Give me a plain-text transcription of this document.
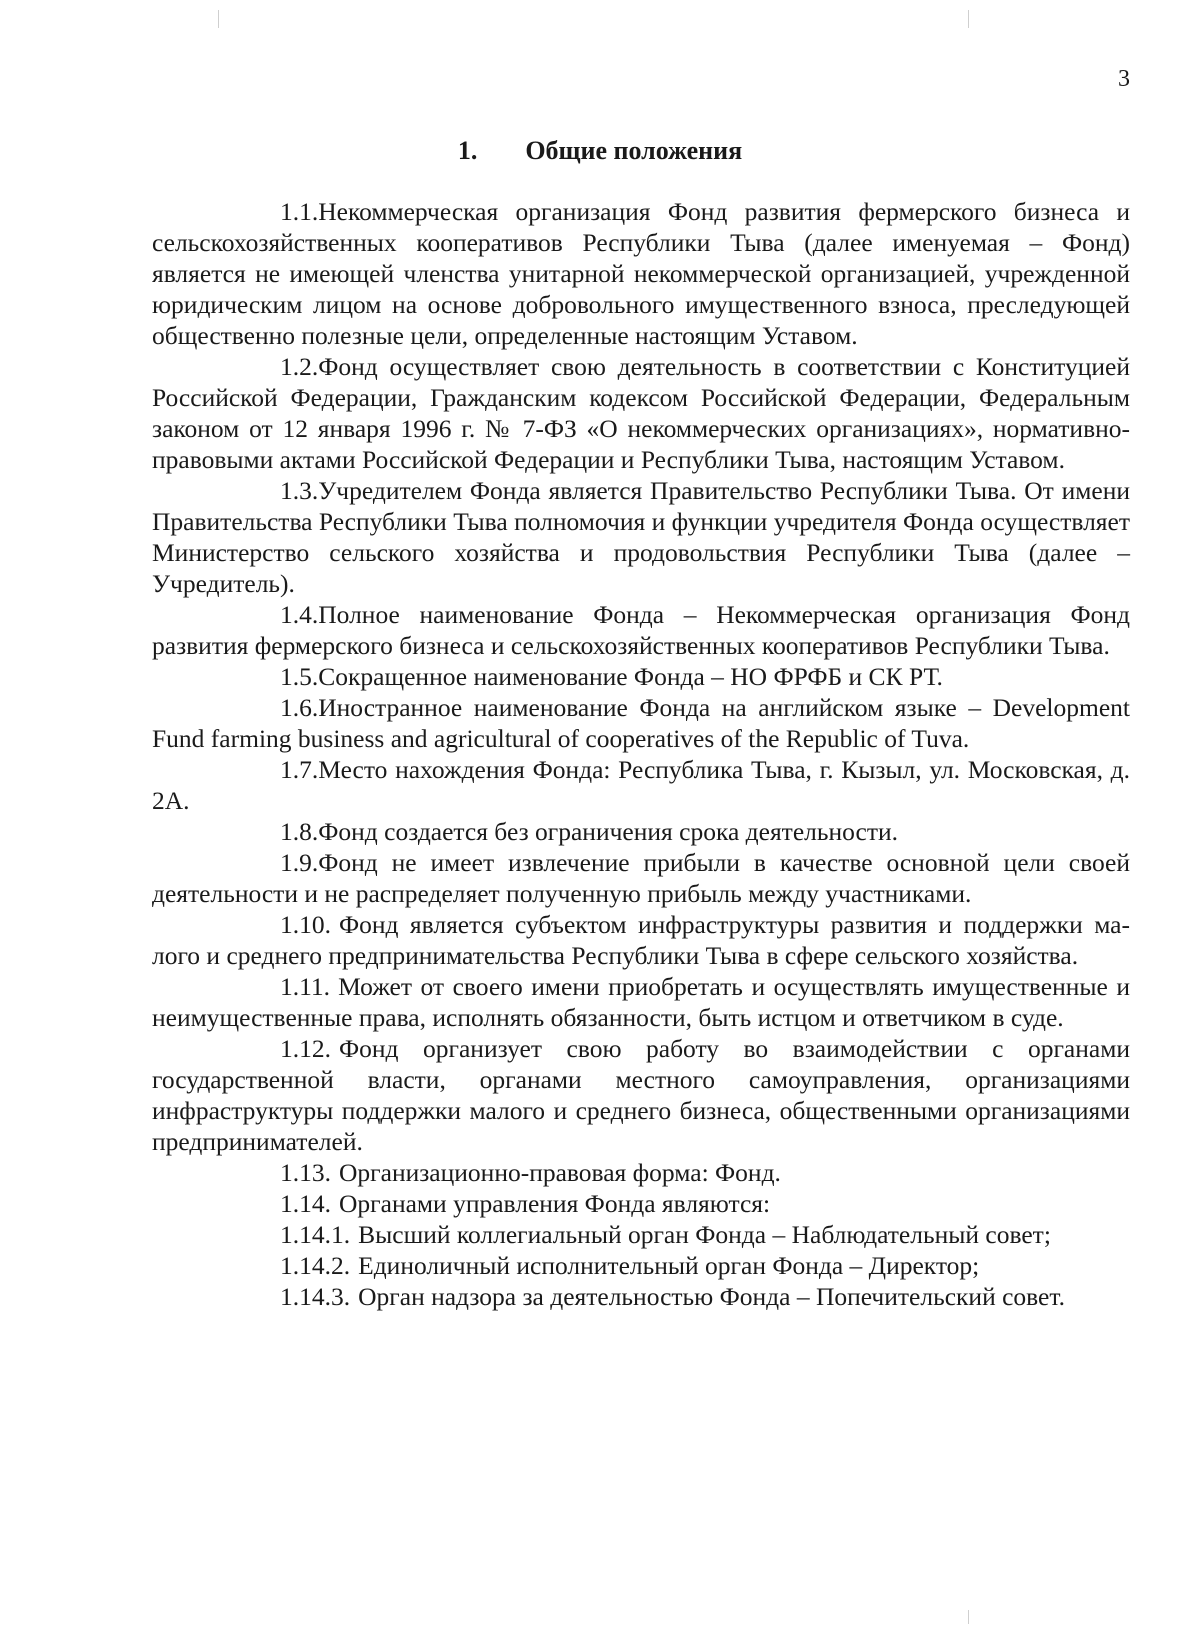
3
1. Общие положения

1.1.Некоммерческая организация Фонд развития фермерского бизнеса и сельскохозяйственных кооперативов Республики Тыва (далее именуемая – Фонд) является не имеющей членства унитарной некоммерческой организацией, учрежденной юридическим лицом на основе добровольного имущественного взноса, преследующей общественно полезные цели, определенные настоящим Уставом.

1.2.Фонд осуществляет свою деятельность в соответствии с Конституцией Российской Федерации, Гражданским кодексом Российской Федерации, Федеральным законом от 12 января 1996 г. № 7-ФЗ «О некоммерческих организациях», нормативно-правовыми актами Российской Федерации и Республики Тыва, настоящим Уставом.

1.3.Учредителем Фонда является Правительство Республики Тыва. От имени Правительства Республики Тыва полномочия и функции учредителя Фонда осуществляет Министерство сельского хозяйства и продовольствия Республики Тыва (далее – Учредитель).

1.4.Полное наименование Фонда – Некоммерческая организация Фонд развития фермерского бизнеса и сельскохозяйственных кооперативов Республики Тыва.

1.5.Сокращенное наименование Фонда – НО ФРФБ и СК РТ.

1.6.Иностранное наименование Фонда на английском языке – Development Fund farming business and agricultural of cooperatives of the Republic of Tuva.

1.7.Место нахождения Фонда: Республика Тыва, г. Кызыл, ул. Московская, д. 2А.

1.8.Фонд создается без ограничения срока деятельности.

1.9.Фонд не имеет извлечение прибыли в качестве основной цели своей деятельности и не распределяет полученную прибыль между участниками.

1.10. Фонд является субъектом инфраструктуры развития и поддержки малого и среднего предпринимательства Республики Тыва в сфере сельского хозяйства.

1.11. Может от своего имени приобретать и осуществлять имущественные и неимущественные права, исполнять обязанности, быть истцом и ответчиком в суде.

1.12. Фонд организует свою работу во взаимодействии с органами государственной власти, органами местного самоуправления, организациями инфраструктуры поддержки малого и среднего бизнеса, общественными организациями предпринимателей.

1.13. Организационно-правовая форма: Фонд.

1.14. Органами управления Фонда являются:

1.14.1. Высший коллегиальный орган Фонда – Наблюдательный совет;

1.14.2. Единоличный исполнительный орган Фонда – Директор;

1.14.3. Орган надзора за деятельностью Фонда – Попечительский совет.
